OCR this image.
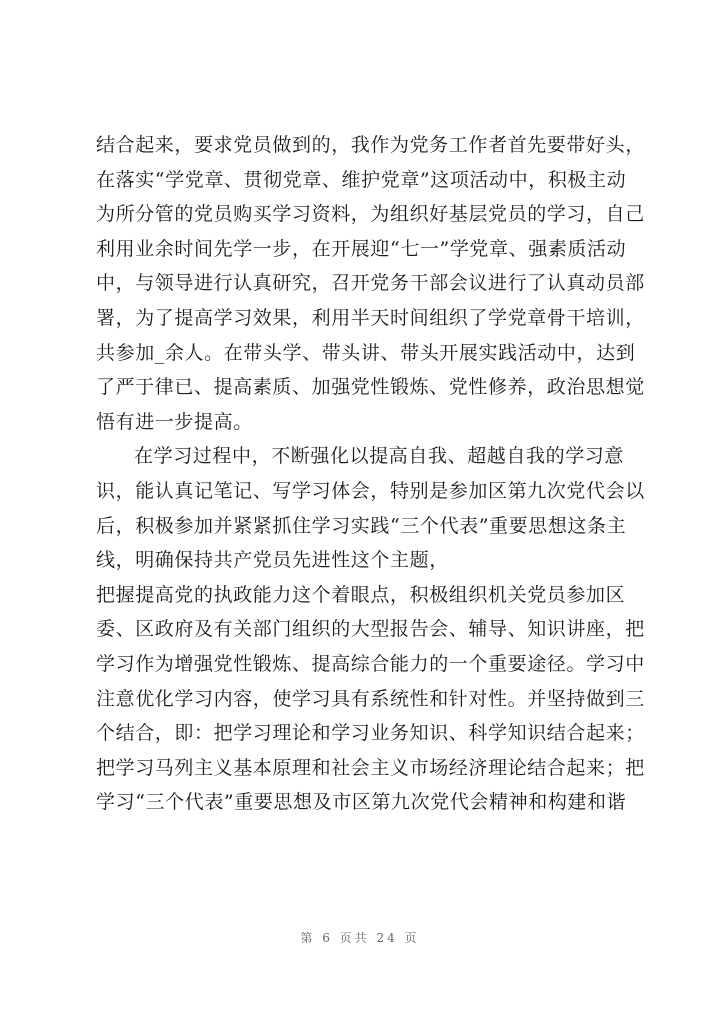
结合起来，要求党员做到的，我作为党务工作者首先要带好头，
在落实“学党章、贯彻党章、维护党章”这项活动中，积极主动
为所分管的党员购买学习资料，为组织好基层党员的学习，自己
利用业余时间先学一步，在开展迎“七一”学党章、强素质活动
中，与领导进行认真研究，召开党务干部会议进行了认真动员部
署，为了提高学习效果，利用半天时间组织了学党章骨干培训，
共参加_余人。在带头学、带头讲、带头开展实践活动中，达到
了严于律已、提高素质、加强党性锻炼、党性修养，政治思想觉
悟有进一步提高。
在学习过程中，不断强化以提高自我、超越自我的学习意
识，能认真记笔记、写学习体会，特别是参加区第九次党代会以
后，积极参加并紧紧抓住学习实践“三个代表”重要思想这条主
线，明确保持共产党员先进性这个主题，
把握提高党的执政能力这个着眼点，积极组织机关党员参加区
委、区政府及有关部门组织的大型报告会、辅导、知识讲座，把
学习作为增强党性锻炼、提高综合能力的一个重要途径。学习中
注意优化学习内容，使学习具有系统性和针对性。并坚持做到三
个结合，即：把学习理论和学习业务知识、科学知识结合起来；
把学习马列主义基本原理和社会主义市场经济理论结合起来；把
学习“三个代表”重要思想及市区第九次党代会精神和构建和谐
第 6 页共 24 页
